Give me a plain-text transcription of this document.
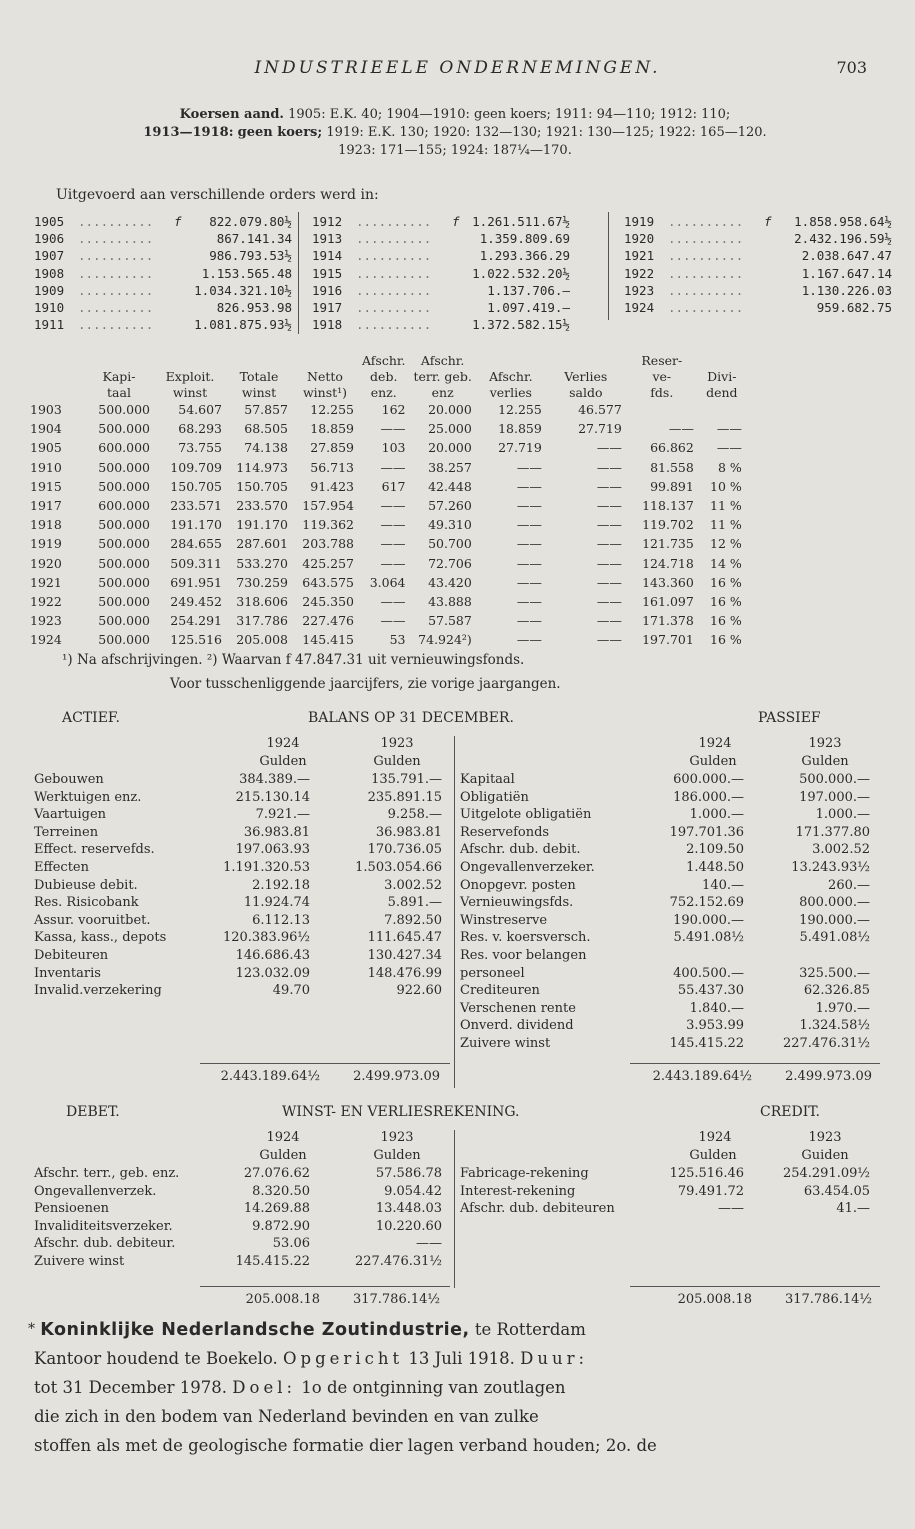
INDUSTRIEELE ONDERNEMINGEN.	703
Koersen aand. 1905: E.K. 40; 1904—1910: geen koers; 1911: 94—110; 1912: 110;
1913—1918: geen koers; 1919: E.K. 130; 1920: 132—130; 1921: 130—125; 1922: 165—120.
1923: 171—155; 1924: 187¼—170.
Uitgevoerd aan verschillende orders werd in:
1905 .......... f	822.079.80½
1906 ..........	867.141.34
1907 ..........	986.793.53½
1908 ..........	1.153.565.48
1909 ..........	1.034.321.10½
1910 ..........	826.953.98
1911 ..........	1.081.875.93½
1912 .......... f	1.261.511.67½
1913 ..........	1.359.809.69
1914 ..........	1.293.366.29
1915 ..........	1.022.532.20½
1916 ..........	1.137.706.—
1917 ..........	1.097.419.—
1918 ..........	1.372.582.15½
1919 .......... f	1.858.958.64½
1920 ..........	2.432.196.59½
1921 ..........	2.038.647.47
1922 ..........	1.167.647.14
1923 ..........	1.130.226.03
1924 ..........	959.682.75
					Afschr.	Afschr.			Reser-	
	Kapi-	Exploit.	Totale	Netto	deb.	terr. geb.	Afschr.	Verlies	ve-	Divi-
	taal	winst	winst	winst¹)	enz.	enz	verlies	saldo	fds.	dend
1903	500.000	54.607	57.857	12.255	162	20.000	12.255	46.577		
1904	500.000	68.293	68.505	18.859	——	25.000	18.859	27.719	——	——
1905	600.000	73.755	74.138	27.859	103	20.000	27.719	——	66.862	——
1910	500.000	109.709	114.973	56.713	——	38.257	——	——	81.558	8 %
1915	500.000	150.705	150.705	91.423	617	42.448	——	——	99.891	10 %
1917	600.000	233.571	233.570	157.954	——	57.260	——	——	118.137	11 %
1918	500.000	191.170	191.170	119.362	——	49.310	——	——	119.702	11 %
1919	500.000	284.655	287.601	203.788	——	50.700	——	——	121.735	12 %
1920	500.000	509.311	533.270	425.257	——	72.706	——	——	124.718	14 %
1921	500.000	691.951	730.259	643.575	3.064	43.420	——	——	143.360	16 %
1922	500.000	249.452	318.606	245.350	——	43.888	——	——	161.097	16 %
1923	500.000	254.291	317.786	227.476	——	57.587	——	——	171.378	16 %
1924	500.000	125.516	205.008	145.415	53	74.924²)	——	——	197.701	16 %
¹) Na afschrijvingen. ²) Waarvan f 47.847.31 uit vernieuwingsfonds.
Voor tusschenliggende jaarcijfers, zie vorige jaargangen.
ACTIEF.	BALANS OP 31 DECEMBER.	PASSIEF
1924	1923	1924	1923
Gulden	Gulden	Gulden	Gulden
Gebouwen	384.389.—	135.791.—
Werktuigen enz.	215.130.14	235.891.15
Vaartuigen	7.921.—	9.258.—
Terreinen	36.983.81	36.983.81
Effect. reservefds.	197.063.93	170.736.05
Effecten	1.191.320.53	1.503.054.66
Dubieuse debit.	2.192.18	3.002.52
Res. Risicobank	11.924.74	5.891.—
Assur. vooruitbet.	6.112.13	7.892.50
Kassa, kass., depots	120.383.96½	111.645.47
Debiteuren	146.686.43	130.427.34
Inventaris	123.032.09	148.476.99
Invalid.verzekering	49.70	922.60
Kapitaal	600.000.—	500.000.—
Obligatiën	186.000.—	197.000.—
Uitgelote obligatiën	1.000.—	1.000.—
Reservefonds	197.701.36	171.377.80
Afschr. dub. debit.	2.109.50	3.002.52
Ongevallenverzeker.	1.448.50	13.243.93½
Onopgevr. posten	140.—	260.—
Vernieuwingsfds.	752.152.69	800.000.—
Winstreserve	190.000.—	190.000.—
Res. v. koersversch.	5.491.08½	5.491.08½
Res. voor belangen
personeel	400.500.—	325.500.—
Crediteuren	55.437.30	62.326.85
Verschenen rente	1.840.—	1.970.—
Onverd. dividend	3.953.99	1.324.58½
Zuivere winst	145.415.22	227.476.31½
2.443.189.64½	2.499.973.09	2.443.189.64½	2.499.973.09
DEBET.	WINST- EN VERLIESREKENING.	CREDIT.
1924	1923	1924	1923
Gulden	Gulden	Gulden	Guiden
Afschr. terr., geb. enz.	27.076.62	57.586.78
Ongevallenverzek.	8.320.50	9.054.42
Pensioenen	14.269.88	13.448.03
Invaliditeitsverzeker.	9.872.90	10.220.60
Afschr. dub. debiteur.	53.06	——
Zuivere winst	145.415.22	227.476.31½
Fabricage-rekening	125.516.46	254.291.09½
Interest-rekening	79.491.72	63.454.05
Afschr. dub. debiteuren	——	41.—
205.008.18	317.786.14½	205.008.18	317.786.14½
* Koninklijke Nederlandsche Zoutindustrie, te Rotterdam
Kantoor houdend te Boekelo. Opgericht 13 Juli 1918. Duur:
tot 31 December 1978. Doel: 1o de ontginning van zoutlagen
die zich in den bodem van Nederland bevinden en van zulke
stoffen als met de geologische formatie dier lagen verband houden; 2o. de
